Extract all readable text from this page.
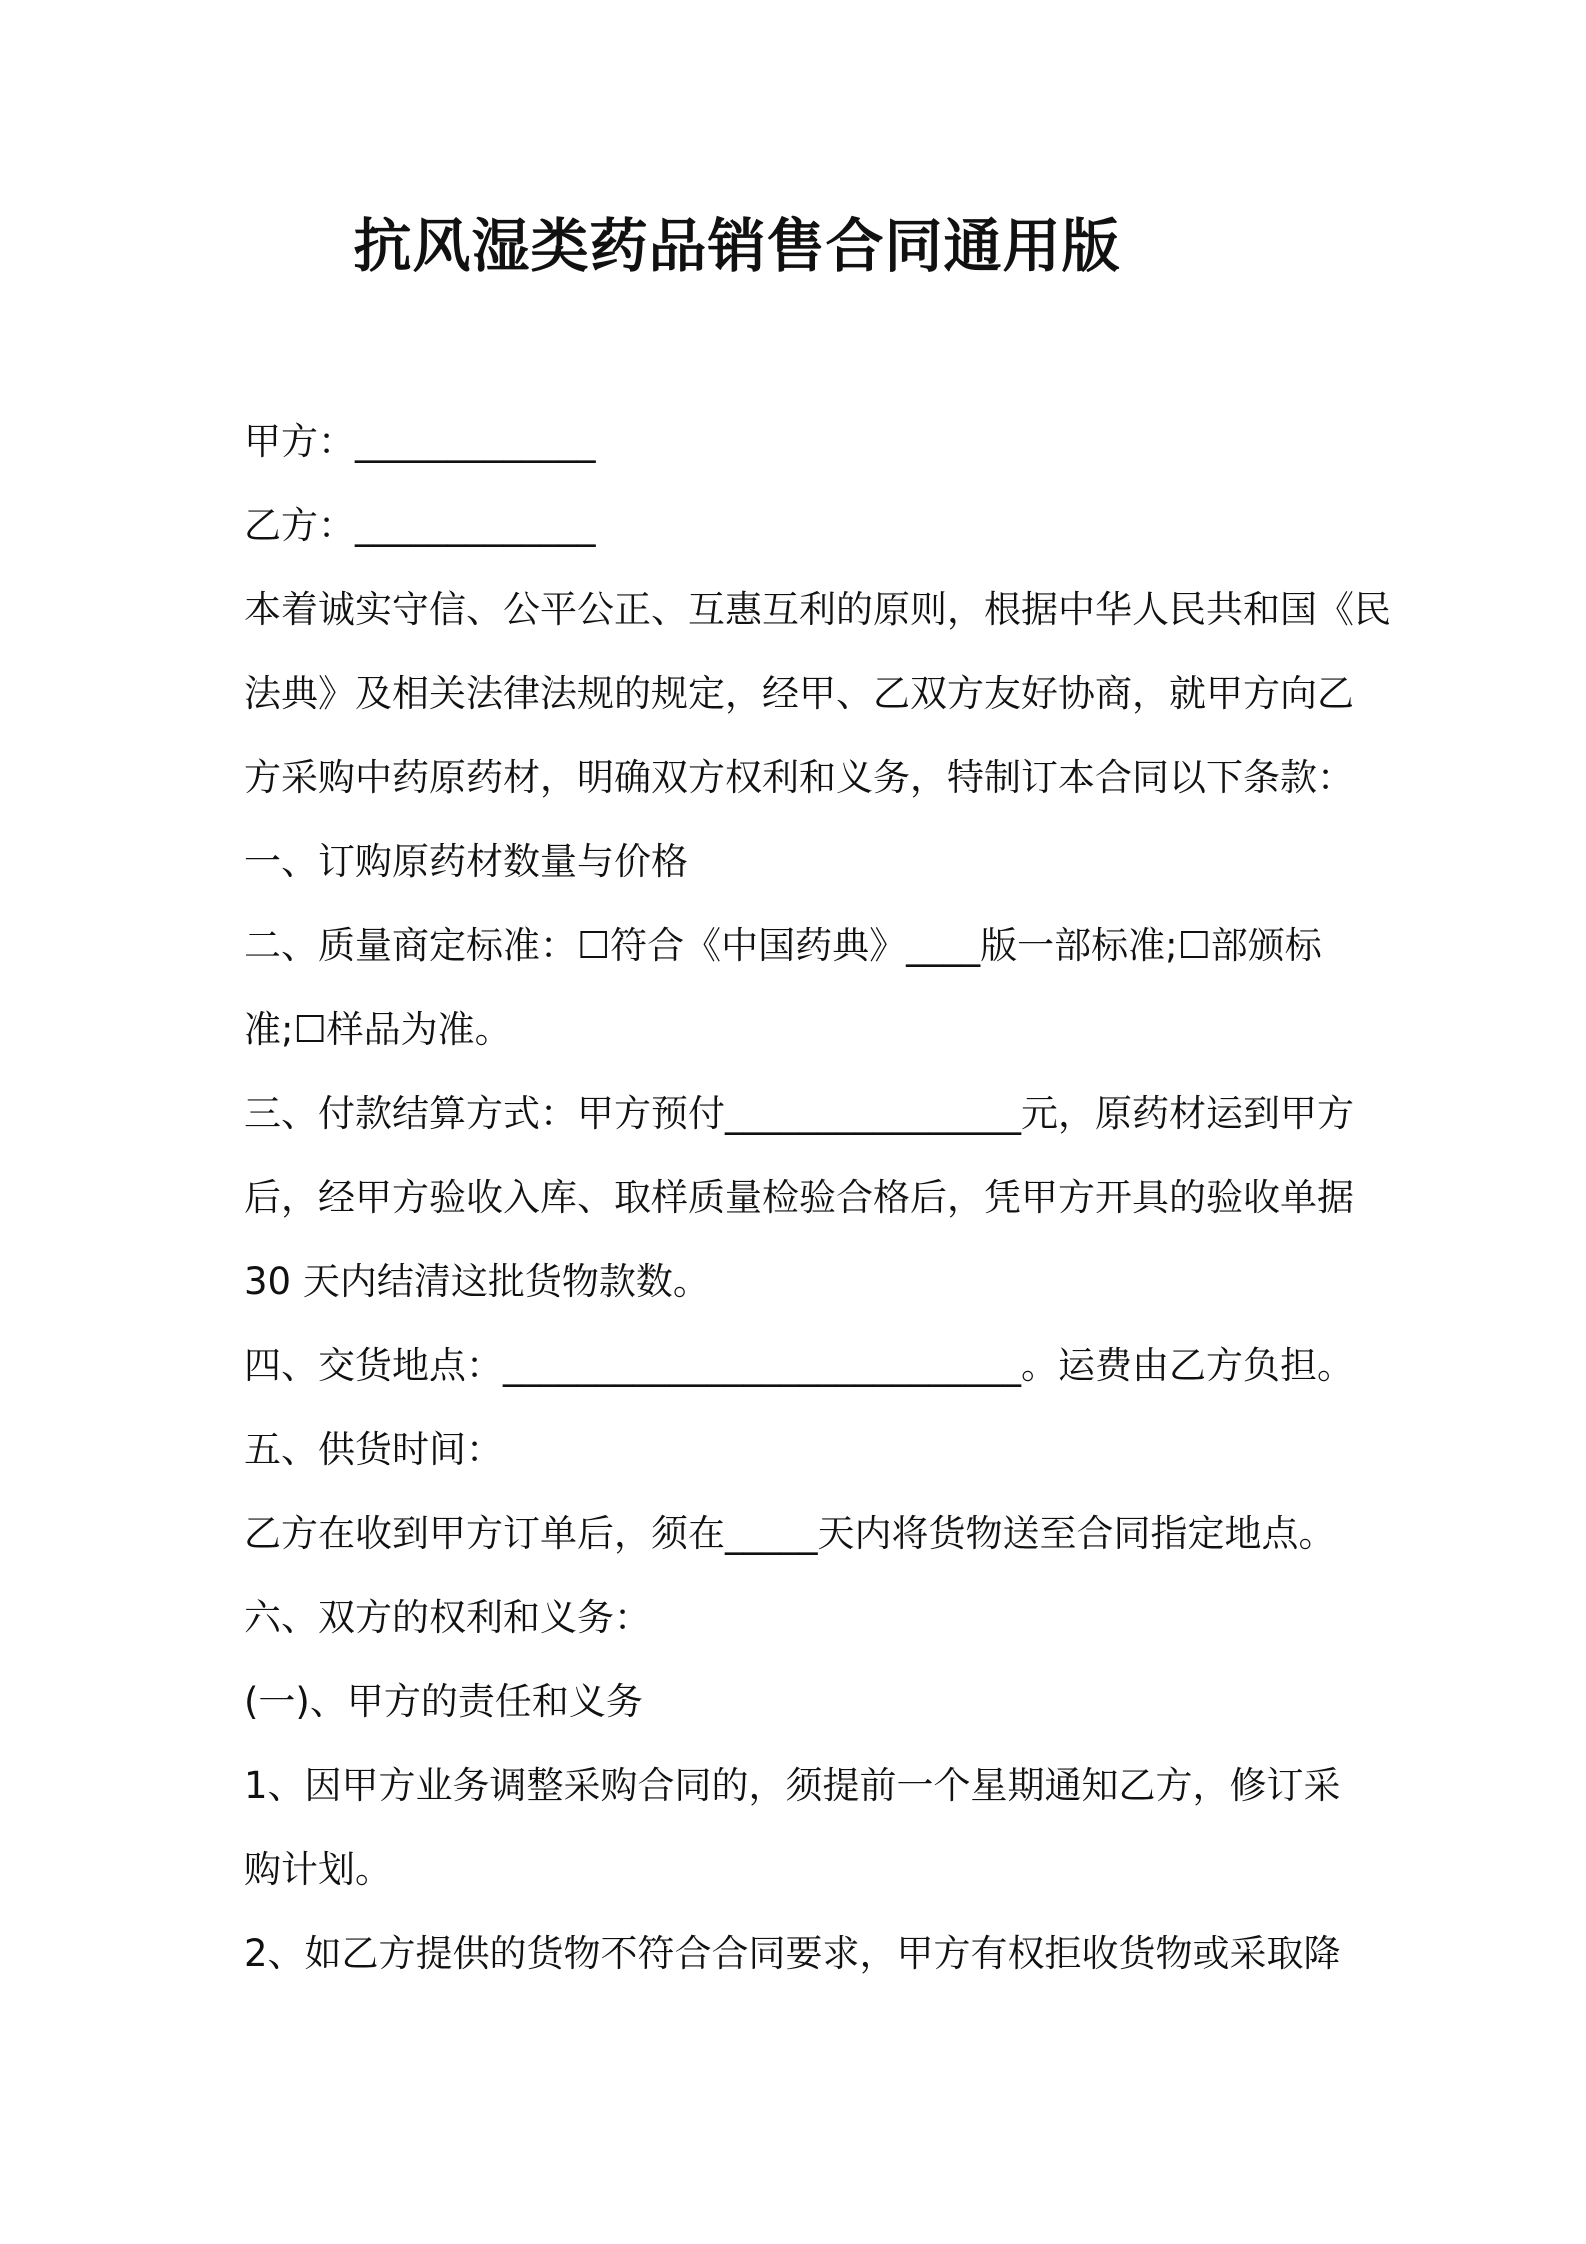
抗风湿类药品销售合同通用版
甲方：_____________
乙方：_____________
本着诚实守信、公平公正、互惠互利的原则，根据中华人民共和国《民
法典》及相关法律法规的规定，经甲、乙双方友好协商，就甲方向乙
方采购中药原药材，明确双方权利和义务，特制订本合同以下条款：
一、订购原药材数量与价格
二、质量商定标准：☐符合《中国药典》____版一部标准;☐部颁标
准;☐样品为准。
三、付款结算方式：甲方预付________________元，原药材运到甲方
后，经甲方验收入库、取样质量检验合格后，凭甲方开具的验收单据
30 天内结清这批货物款数。
四、交货地点：____________________________。运费由乙方负担。
五、供货时间：
乙方在收到甲方订单后，须在_____天内将货物送至合同指定地点。
六、双方的权利和义务：
(一)、甲方的责任和义务
1、因甲方业务调整采购合同的，须提前一个星期通知乙方，修订采
购计划。
2、如乙方提供的货物不符合合同要求，甲方有权拒收货物或采取降
